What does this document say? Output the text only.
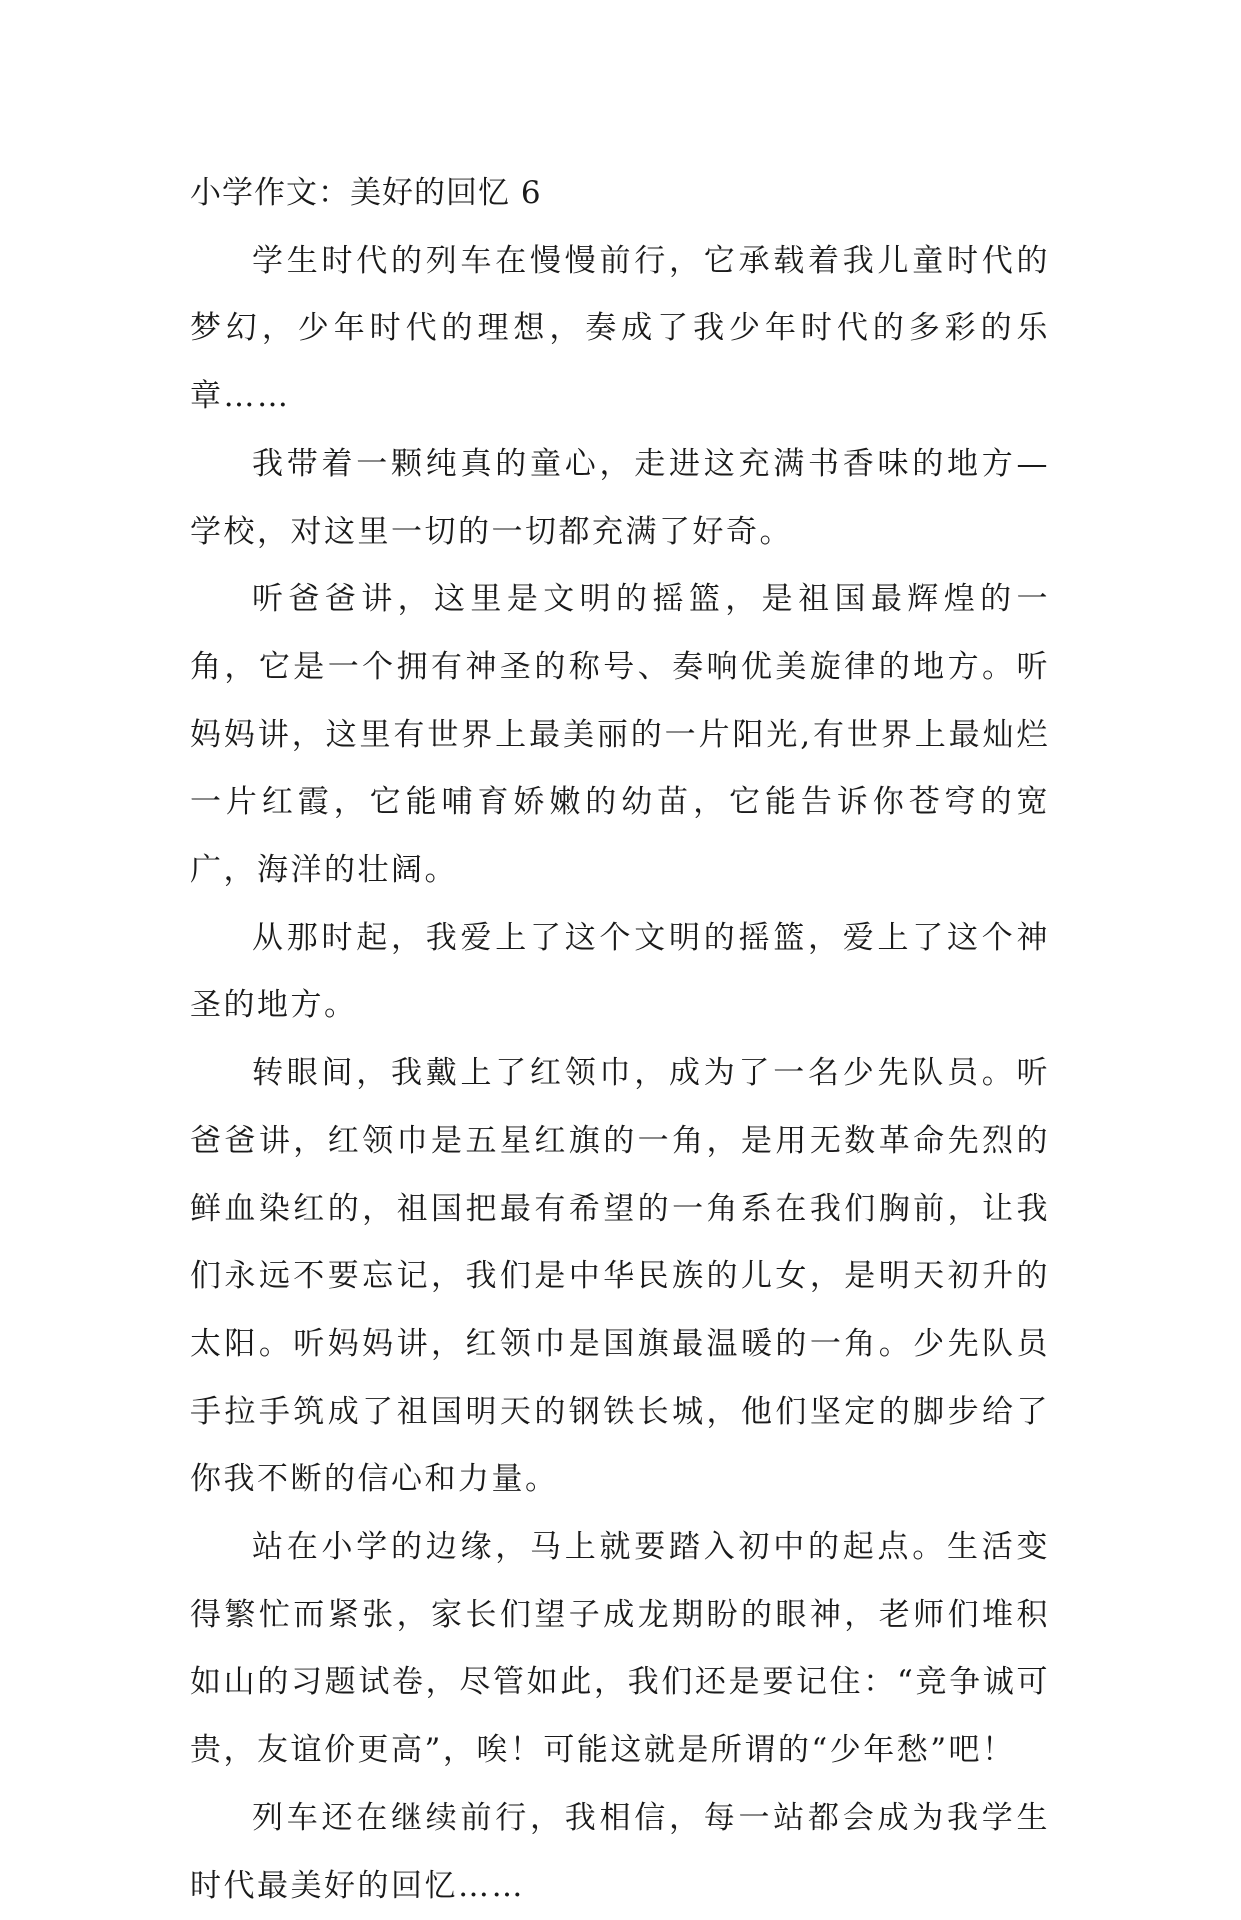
小学作文：美好的回忆 6

学生时代的列车在慢慢前行，它承载着我儿童时代的梦幻，少年时代的理想，奏成了我少年时代的多彩的乐章……

我带着一颗纯真的童心，走进这充满书香味的地方—学校，对这里一切的一切都充满了好奇。

听爸爸讲，这里是文明的摇篮，是祖国最辉煌的一角，它是一个拥有神圣的称号、奏响优美旋律的地方。听妈妈讲，这里有世界上最美丽的一片阳光,有世界上最灿烂一片红霞，它能哺育娇嫩的幼苗，它能告诉你苍穹的宽广，海洋的壮阔。

从那时起，我爱上了这个文明的摇篮，爱上了这个神圣的地方。

转眼间，我戴上了红领巾，成为了一名少先队员。听爸爸讲，红领巾是五星红旗的一角，是用无数革命先烈的鲜血染红的，祖国把最有希望的一角系在我们胸前，让我们永远不要忘记，我们是中华民族的儿女，是明天初升的太阳。听妈妈讲，红领巾是国旗最温暖的一角。少先队员手拉手筑成了祖国明天的钢铁长城，他们坚定的脚步给了你我不断的信心和力量。

站在小学的边缘，马上就要踏入初中的起点。生活变得繁忙而紧张，家长们望子成龙期盼的眼神，老师们堆积如山的习题试卷，尽管如此，我们还是要记住：“竞争诚可贵，友谊价更高”，唉！可能这就是所谓的“少年愁”吧！

列车还在继续前行，我相信，每一站都会成为我学生时代最美好的回忆……
